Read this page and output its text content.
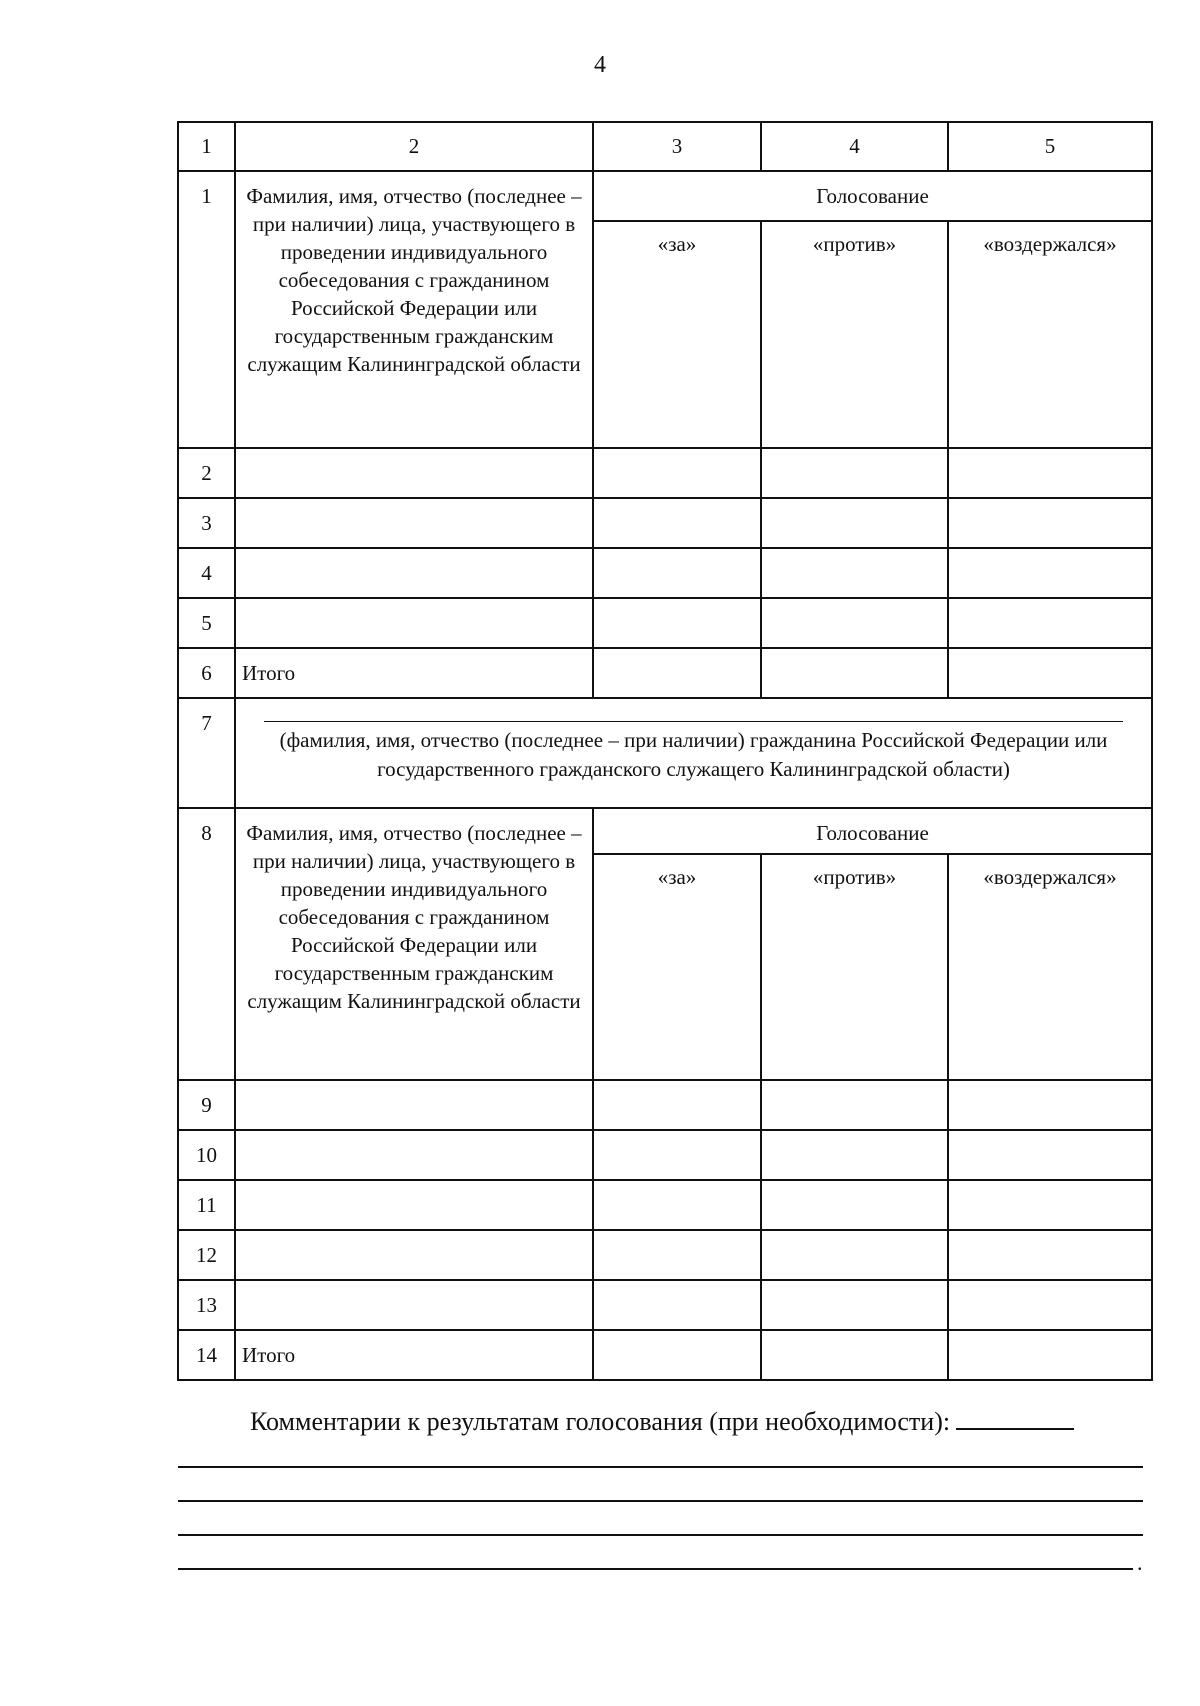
4
1	2	3	4	5
1	Фамилия, имя, отчество (последнее – при наличии) лица, участвующего в проведении индивидуального собеседования с гражданином Российской Федерации или государственным гражданским служащим Калининградской области	Голосование		
		«за»	«против»	«воздержался»
2				
3				
4				
5				
6	Итого			
7	(фамилия, имя, отчество (последнее – при наличии) гражданина Российской Федерации или государственного гражданского служащего Калининградской области)			

8	Фамилия, имя, отчество (последнее – при наличии) лица, участвующего в проведении индивидуального собеседования с гражданином Российской Федерации или государственным гражданским служащим Калининградской области	Голосование		
		«за»	«против»	«воздержался»
9				
10				
11				
12				
13				
14	Итого			
Комментарии к результатам голосования (при необходимости):
.
